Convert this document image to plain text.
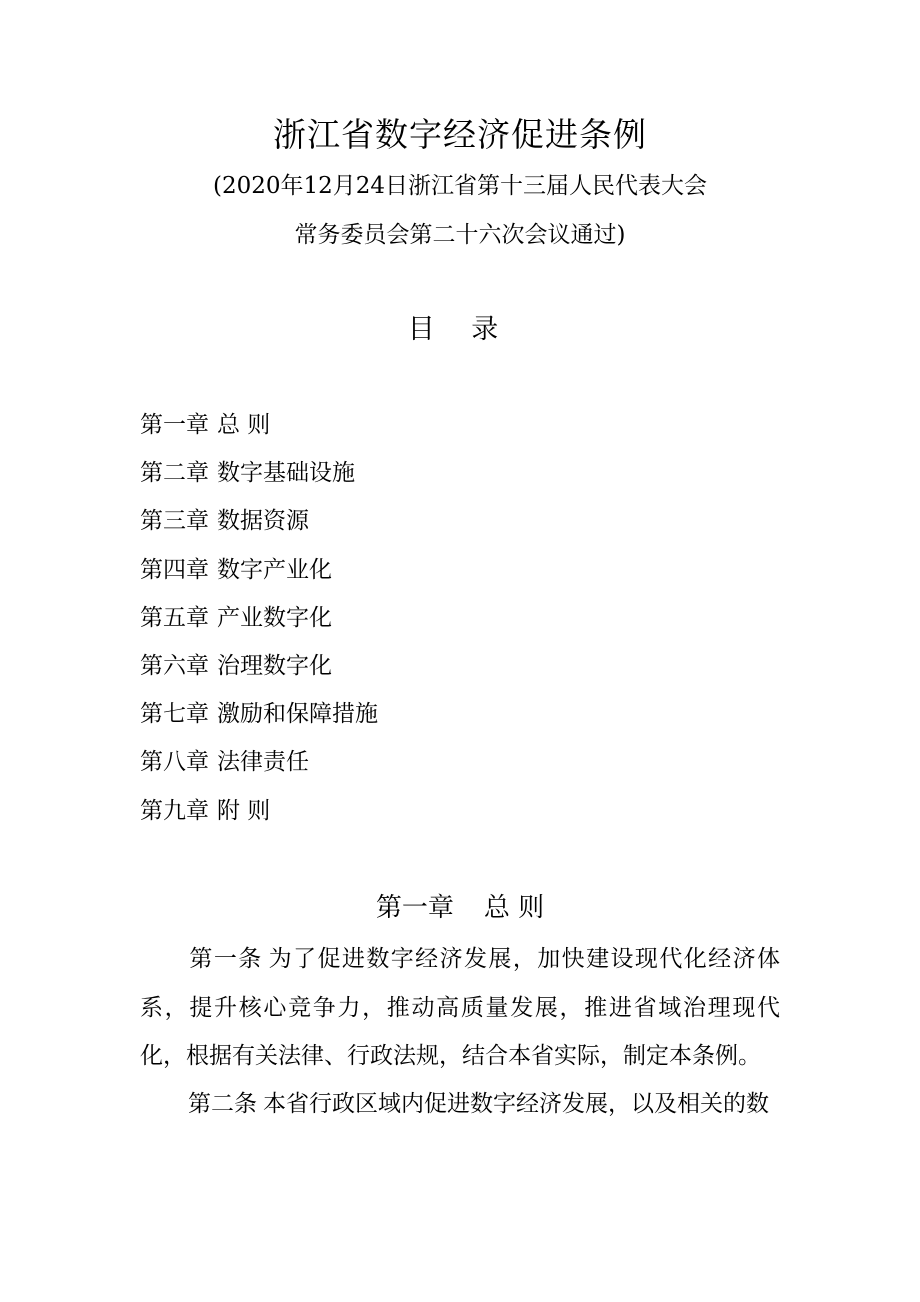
浙江省数字经济促进条例
(2020年12月24日浙江省第十三届人民代表大会
常务委员会第二十六次会议通过)
目 录
第一章 总 则
第二章 数字基础设施
第三章 数据资源
第四章 数字产业化
第五章 产业数字化
第六章 治理数字化
第七章 激励和保障措施
第八章 法律责任
第九章 附 则
第一章 总 则
第一条 为了促进数字经济发展，加快建设现代化经济体系，提升核心竞争力，推动高质量发展，推进省域治理现代化，根据有关法律、行政法规，结合本省实际，制定本条例。
第二条 本省行政区域内促进数字经济发展，以及相关的数
